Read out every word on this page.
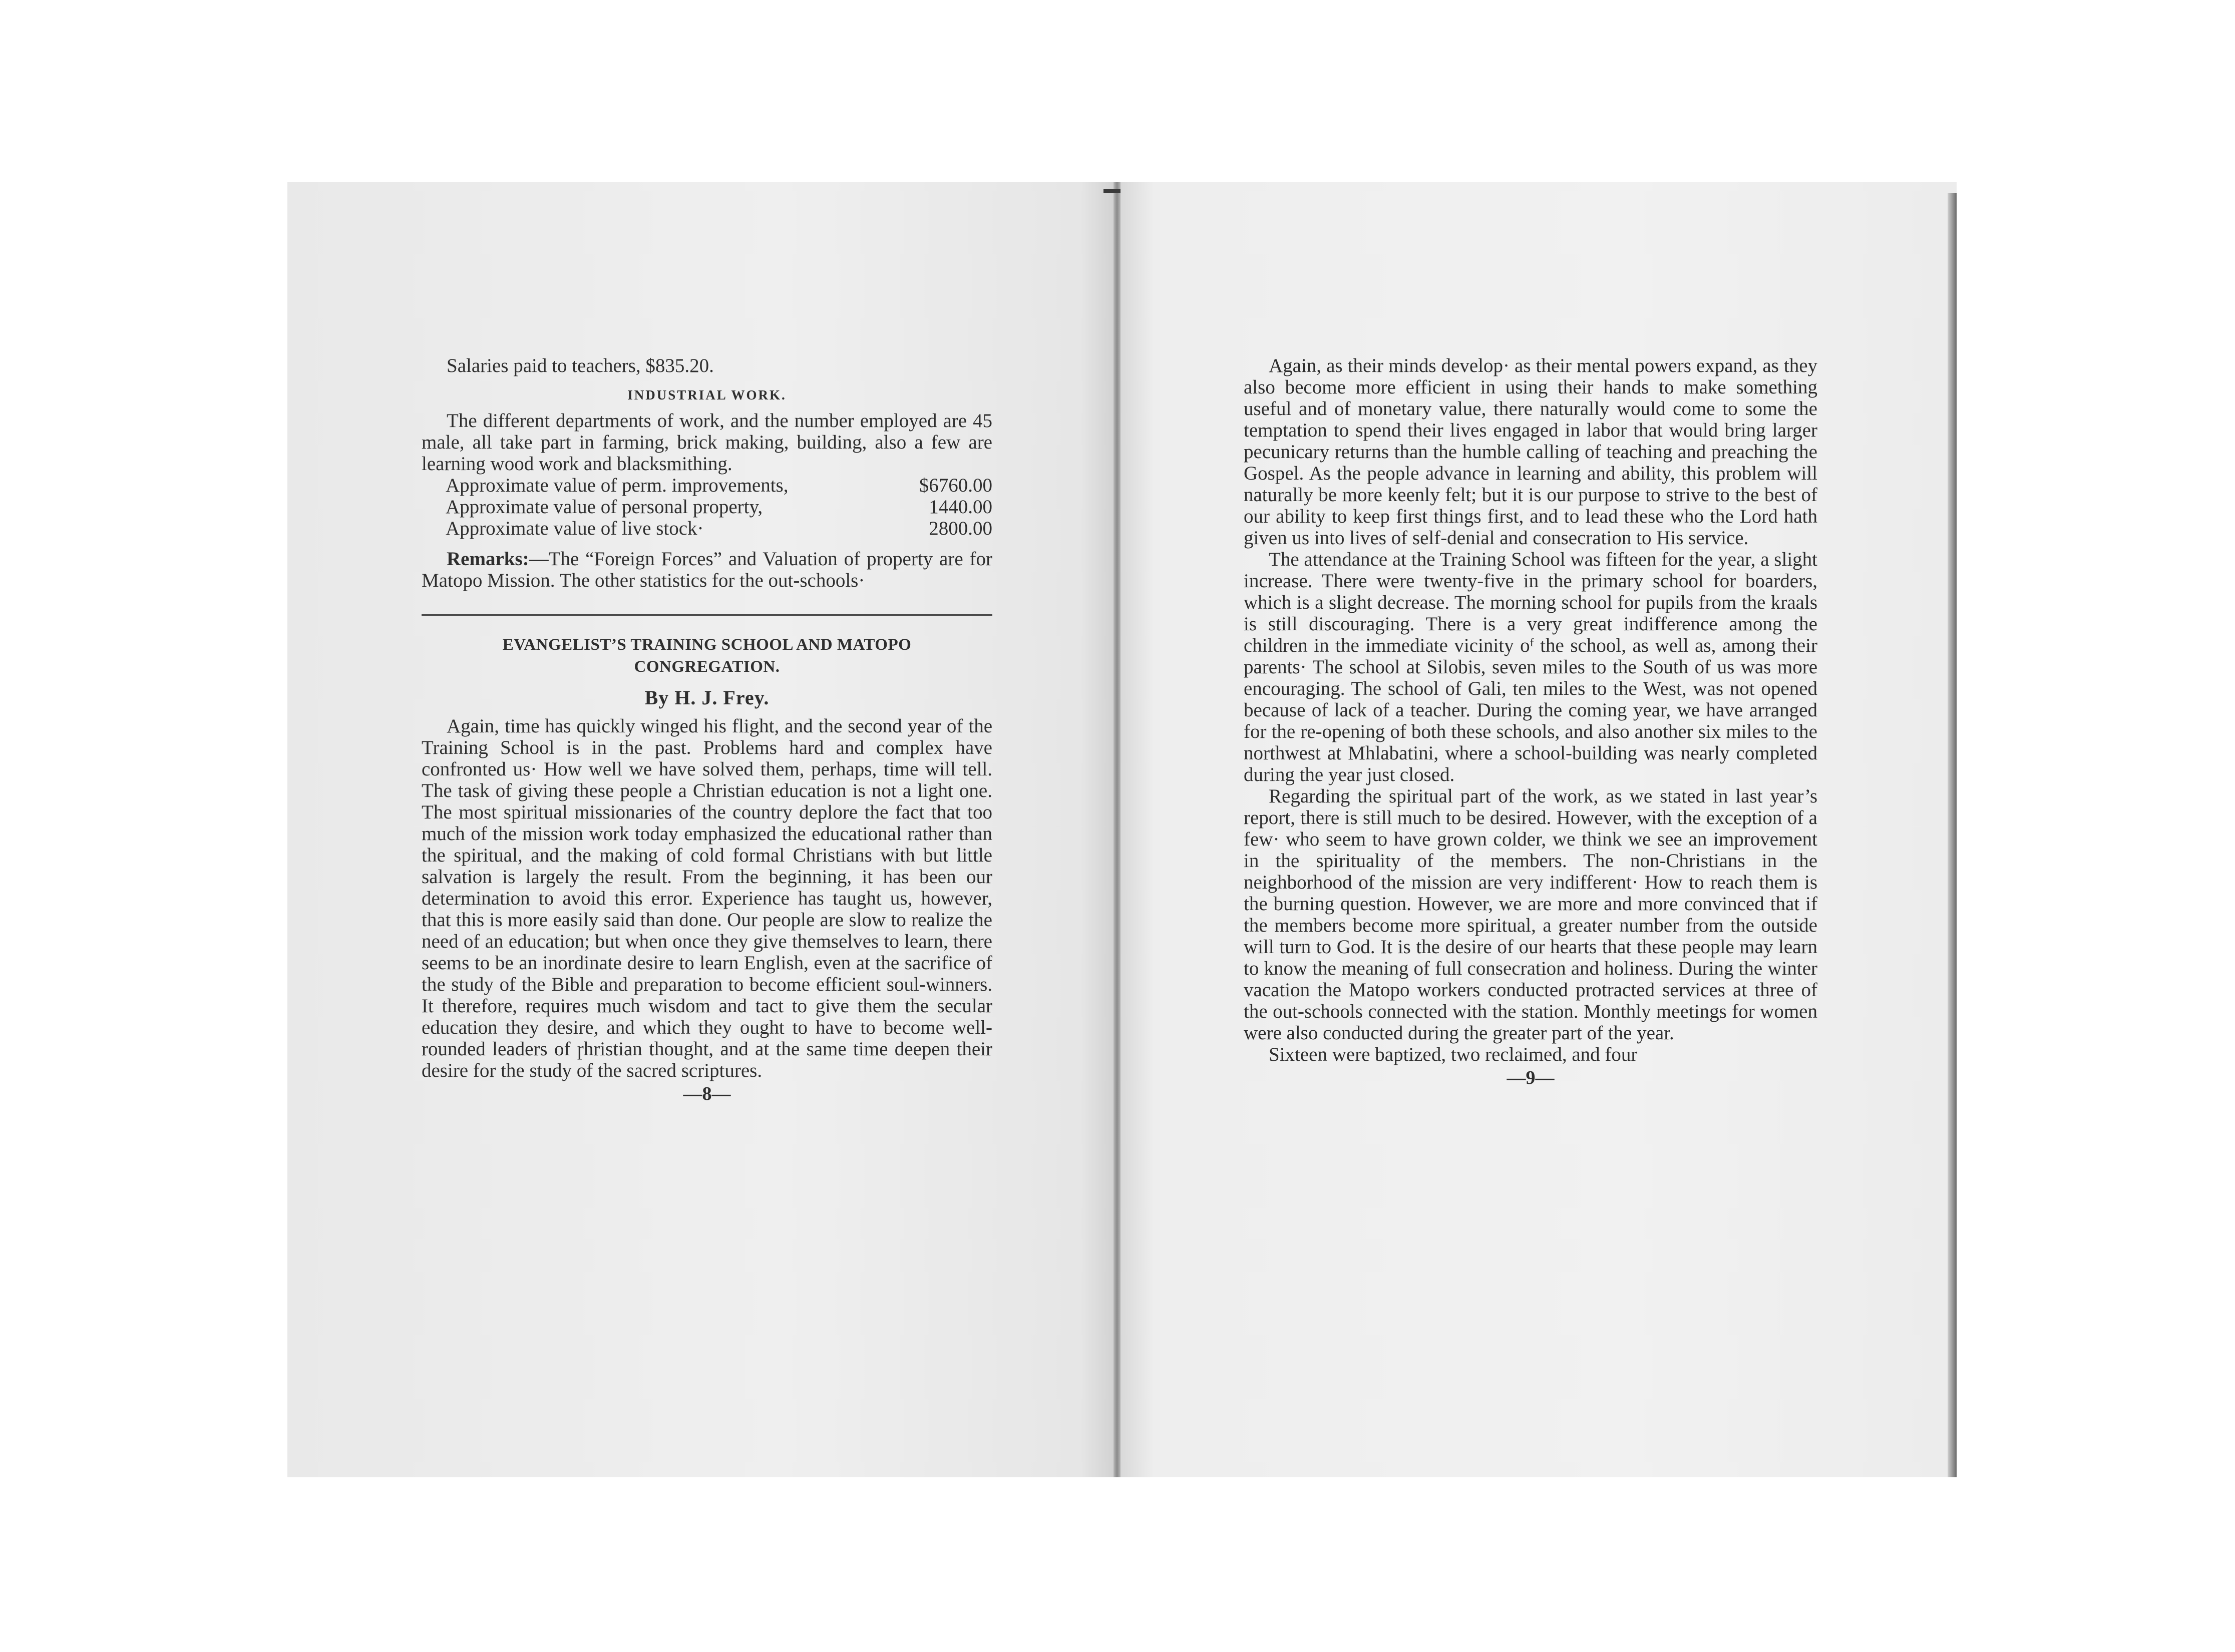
Salaries paid to teachers, $835.20.

INDUSTRIAL WORK.

The different departments of work, and the number employed are 45 male, all take part in farming, brick making, building, also a few are learning wood work and blacksmithing.

Approximate value of perm. improvements,	$6760.00
Approximate value of personal property,	1440.00
Approximate value of live stock·	2800.00

Remarks:—The “Foreign Forces” and Valuation of property are for Matopo Mission. The other statistics for the out-schools·

EVANGELIST’S TRAINING SCHOOL AND MATOPO
CONGREGATION.

By H. J. Frey.

Again, time has quickly winged his flight, and the second year of the Training School is in the past. Problems hard and complex have confronted us· How well we have solved them, perhaps, time will tell. The task of giving these people a Christian education is not a light one. The most spiritual missionaries of the country deplore the fact that too much of the mission work today emphasized the educational rather than the spiritual, and the making of cold formal Christians with but little salvation is largely the result. From the beginning, it has been our determination to avoid this error. Experience has taught us, however, that this is more easily said than done. Our people are slow to realize the need of an education; but when once they give themselves to learn, there seems to be an inordinate desire to learn English, even at the sacrifice of the study of the Bible and preparation to become efficient soul-winners. It therefore, requires much wisdom and tact to give them the secular education they desire, and which they ought to have to become well-rounded leaders of ɼhristian thought, and at the same time deepen their desire for the study of the sacred scriptures.

—8—

Again, as their minds develop· as their mental powers expand, as they also become more efficient in using their hands to make something useful and of monetary value, there naturally would come to some the temptation to spend their lives engaged in labor that would bring larger pecunicary returns than the humble calling of teaching and preaching the Gospel. As the people advance in learning and ability, this problem will naturally be more keenly felt; but it is our purpose to strive to the best of our ability to keep first things first, and to lead these who the Lord hath given us into lives of self-denial and consecration to His service.

The attendance at the Training School was fifteen for the year, a slight increase. There were twenty-five in the primary school for boarders, which is a slight decrease. The morning school for pupils from the kraals is still discouraging. There is a very great indifference among the children in the immediate vicinity oᶠ the school, as well as, among their parents· The school at Silobis, seven miles to the South of us was more encouraging. The school of Gali, ten miles to the West, was not opened because of lack of a teacher. During the coming year, we have arranged for the re-opening of both these schools, and also another six miles to the northwest at Mhlabatini, where a school-building was nearly completed during the year just closed.

Regarding the spiritual part of the work, as we stated in last year’s report, there is still much to be desired. However, with the exception of a few· who seem to have grown colder, we think we see an improvement in the spirituality of the members. The non-Christians in the neighborhood of the mission are very indifferent· How to reach them is the burning question. However, we are more and more convinced that if the members become more spiritual, a greater number from the outside will turn to God. It is the desire of our hearts that these people may learn to know the meaning of full consecration and holiness. During the winter vacation the Matopo workers conducted protracted services at three of the out-schools connected with the station. Monthly meetings for women were also conducted during the greater part of the year.

Sixteen were baptized, two reclaimed, and four

—9—
